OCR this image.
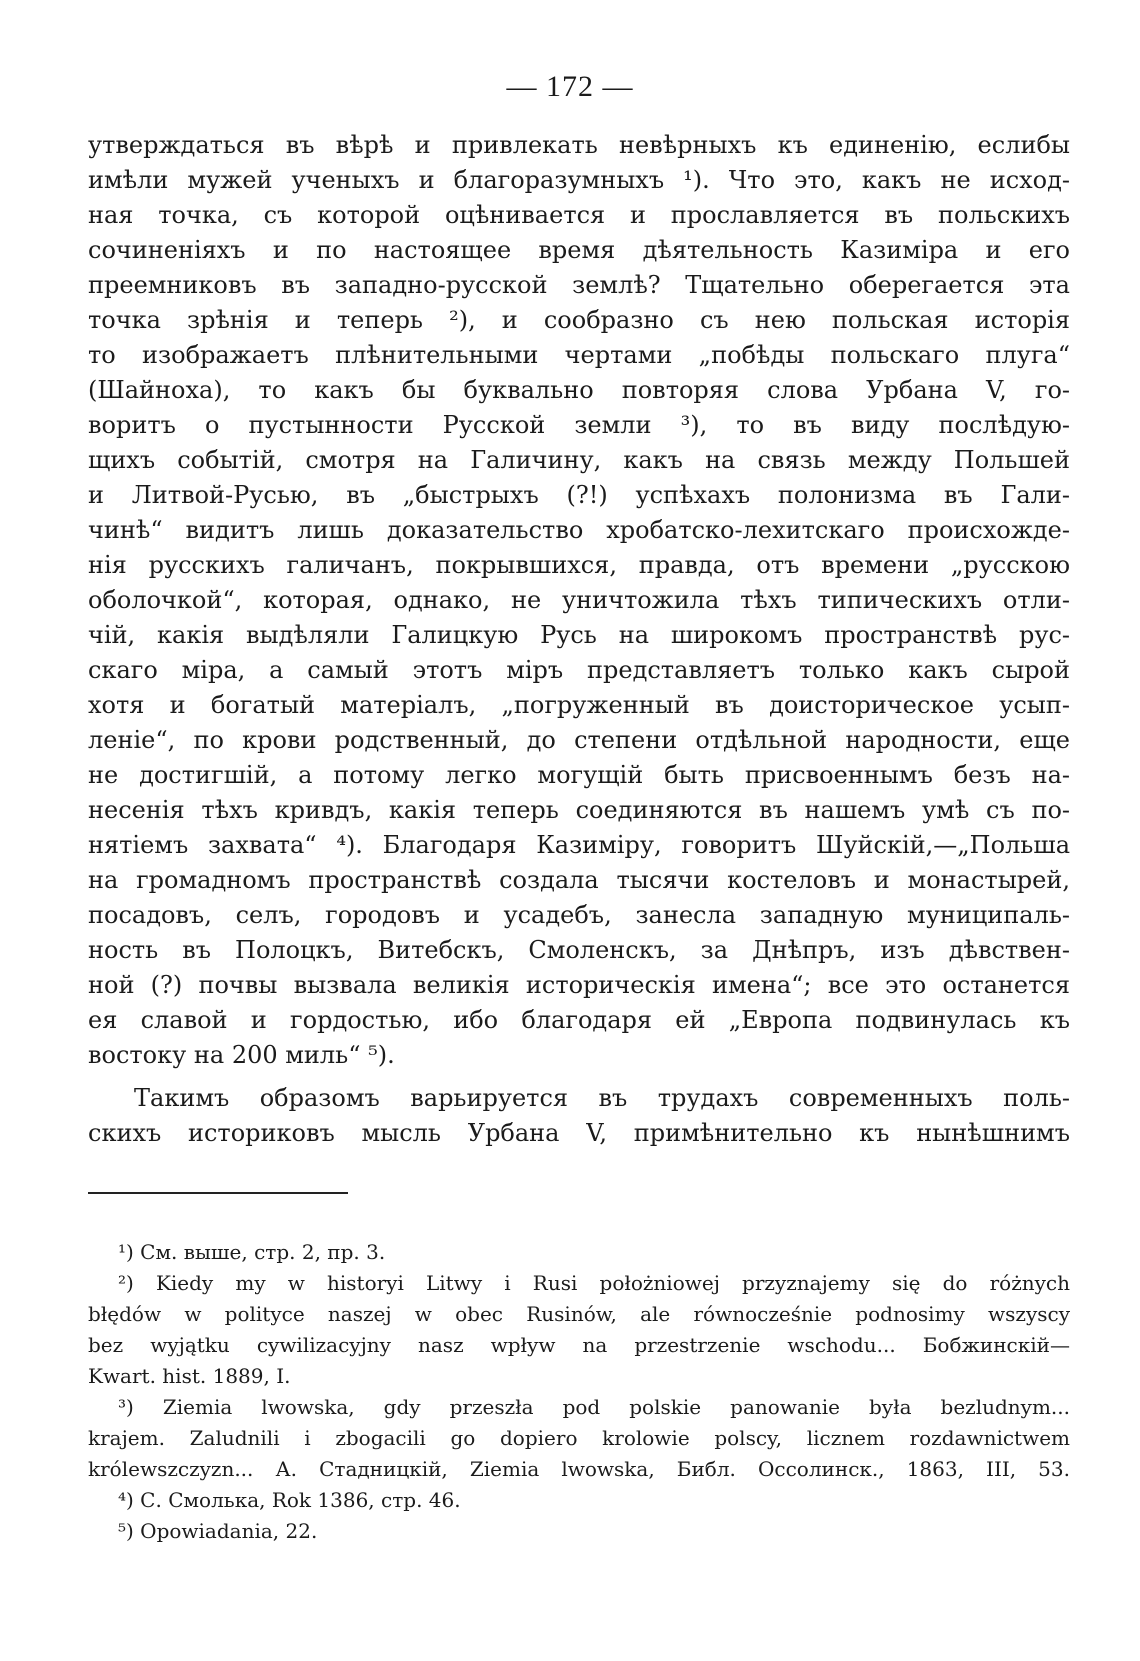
— 172 —
утверждаться въ вѣрѣ и привлекать невѣрныхъ къ единенію, еслибы
имѣли мужей ученыхъ и благоразумныхъ ¹). Что это, какъ не исход-
ная точка, съ которой оцѣнивается и прославляется въ польскихъ
сочиненіяхъ и по настоящее время дѣятельность Казиміра и его
преемниковъ въ западно-русской землѣ? Тщательно оберегается эта
точка зрѣнія и теперь ²), и сообразно съ нею польская исторія
то изображаетъ плѣнительными чертами „побѣды польскаго плуга“
(Шайноха), то какъ бы буквально повторяя слова Урбана V, го-
воритъ о пустынности Русской земли ³), то въ виду послѣдую-
щихъ событій, смотря на Галичину, какъ на связь между Польшей
и Литвой-Русью, въ „быстрыхъ (?!) успѣхахъ полонизма въ Гали-
чинѣ“ видитъ лишь доказательство хробатско-лехитскаго происхожде-
нія русскихъ галичанъ, покрывшихся, правда, отъ времени „русскою
оболочкой“, которая, однако, не уничтожила тѣхъ типическихъ отли-
чій, какія выдѣляли Галицкую Русь на широкомъ пространствѣ рус-
скаго міра, а самый этотъ міръ представляетъ только какъ сырой
хотя и богатый матеріалъ, „погруженный въ доисторическое усып-
леніе“, по крови родственный, до степени отдѣльной народности, еще
не достигшій, а потому легко могущій быть присвоеннымъ безъ на-
несенія тѣхъ кривдъ, какія теперь соединяются въ нашемъ умѣ съ по-
нятіемъ захвата“ ⁴). Благодаря Казиміру, говоритъ Шуйскій,—„Польша
на громадномъ пространствѣ создала тысячи костеловъ и монастырей,
посадовъ, селъ, городовъ и усадебъ, занесла западную муниципаль-
ность въ Полоцкъ, Витебскъ, Смоленскъ, за Днѣпръ, изъ дѣвствен-
ной (?) почвы вызвала великія историческія имена“; все это останется
ея славой и гордостью, ибо благодаря ей „Европа подвинулась къ
востоку на 200 миль“ ⁵).
Такимъ образомъ варьируется въ трудахъ современныхъ поль-
скихъ историковъ мысль Урбана V, примѣнительно къ нынѣшнимъ
¹) См. выше, стр. 2, пр. 3.
²) Kiedy my w historyi Litwy i Rusi położniowej przyznajemy się do różnych
błędów w polityce naszej w obec Rusinów, ale równocześnie podnosimy wszyscy
bez wyjątku cywilizacyjny nasz wpływ na przestrzenie wschodu... Бобжинскій—
Kwart. hist. 1889, I.
³) Ziemia lwowska, gdy przeszła pod polskie panowanie była bezludnym...
krajem. Zaludnili i zbogacili go dopiero krolowie polscy, licznem rozdawnictwem
królewszczyzn... А. Стадницкій, Ziemia lwowska, Библ. Оссолинск., 1863, III, 53.
⁴) С. Смолька, Rok 1386, стр. 46.
⁵) Opowiadania, 22.
